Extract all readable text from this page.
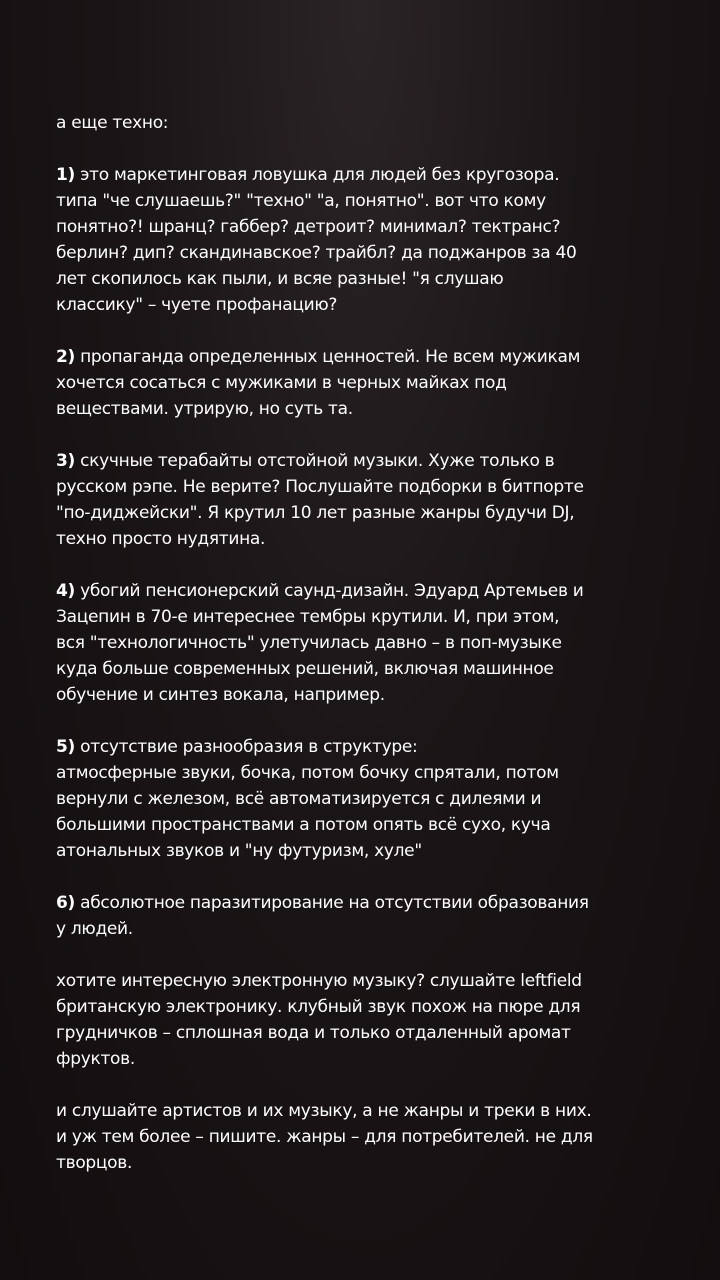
а еще техно:

1) это маркетинговая ловушка для людей без кругозора.
типа "че слушаешь?" "техно" "а, понятно". вот что кому
понятно?! шранц? габбер? детроит? минимал? тектранс?
берлин? дип? скандинавское? трайбл? да поджанров за 40
лет скопилось как пыли, и всяе разные! "я слушаю
классику" – чуете профанацию?

2) пропаганда определенных ценностей. Не всем мужикам
хочется сосаться с мужиками в черных майках под
веществами. утрирую, но суть та.

3) скучные терабайты отстойной музыки. Хуже только в
русском рэпе. Не верите? Послушайте подборки в битпорте
"по-диджейски". Я крутил 10 лет разные жанры будучи DJ,
техно просто нудятина.

4) убогий пенсионерский саунд-дизайн. Эдуард Артемьев и
Зацепин в 70-е интереснее тембры крутили. И, при этом,
вся "технологичность" улетучилась давно – в поп-музыке
куда больше современных решений, включая машинное
обучение и синтез вокала, например.

5) отсутствие разнообразия в структуре:
атмосферные звуки, бочка, потом бочку спрятали, потом
вернули с железом, всё автоматизируется с дилеями и
большими пространствами а потом опять всё сухо, куча
атональных звуков и "ну футуризм, хуле"

6) абсолютное паразитирование на отсутствии образования
у людей.

хотите интересную электронную музыку? слушайте leftfield
британскую электронику. клубный звук похож на пюре для
грудничков – сплошная вода и только отдаленный аромат
фруктов.

и слушайте артистов и их музыку, а не жанры и треки в них.
и уж тем более – пишите. жанры – для потребителей. не для
творцов.
